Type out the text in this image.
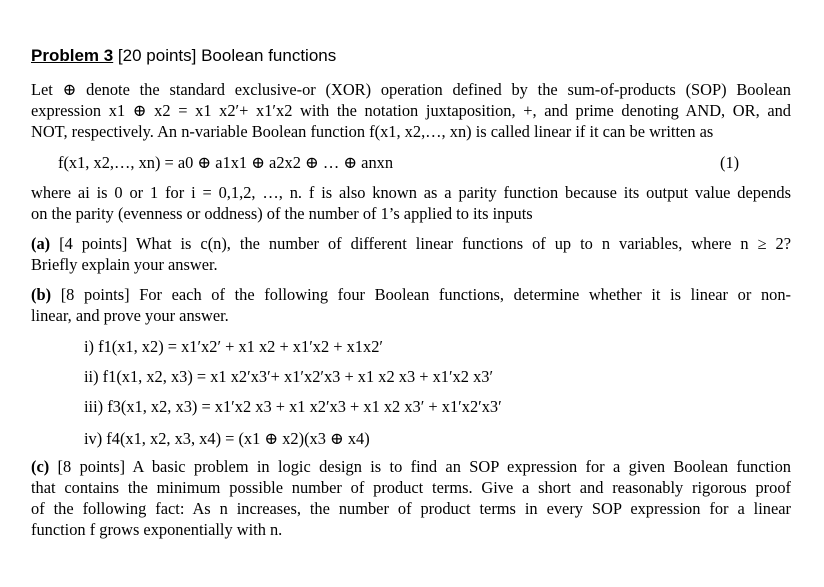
Problem 3 [20 points] Boolean functions
Let ⊕ denote the standard exclusive-or (XOR) operation defined by the sum-of-products (SOP) Boolean
expression x1 ⊕ x2 = x1 x2′+ x1′x2 with the notation juxtaposition, +, and prime denoting AND, OR, and
NOT, respectively. An n-variable Boolean function f(x1, x2,…, xn) is called linear if it can be written as
f(x1, x2,…, xn) = a0 ⊕ a1x1 ⊕ a2x2 ⊕ … ⊕ anxn	(1)
where ai is 0 or 1 for i = 0,1,2, …, n. f is also known as a parity function because its output value depends
on the parity (evenness or oddness) of the number of 1’s applied to its inputs
(a) [4 points] What is c(n), the number of different linear functions of up to n variables, where n ≥ 2?
Briefly explain your answer.
(b) [8 points] For each of the following four Boolean functions, determine whether it is linear or non-
linear, and prove your answer.
i) f1(x1, x2) = x1′x2′ + x1 x2 + x1′x2 + x1x2′
ii) f1(x1, x2, x3) = x1 x2′x3′+ x1′x2′x3 + x1 x2 x3 + x1′x2 x3′
iii) f3(x1, x2, x3) = x1′x2 x3 + x1 x2′x3 + x1 x2 x3′ + x1′x2′x3′
iv) f4(x1, x2, x3, x4) = (x1 ⊕ x2)(x3 ⊕ x4)
(c) [8 points] A basic problem in logic design is to find an SOP expression for a given Boolean function
that contains the minimum possible number of product terms. Give a short and reasonably rigorous proof
of the following fact: As n increases, the number of product terms in every SOP expression for a linear
function f grows exponentially with n.
